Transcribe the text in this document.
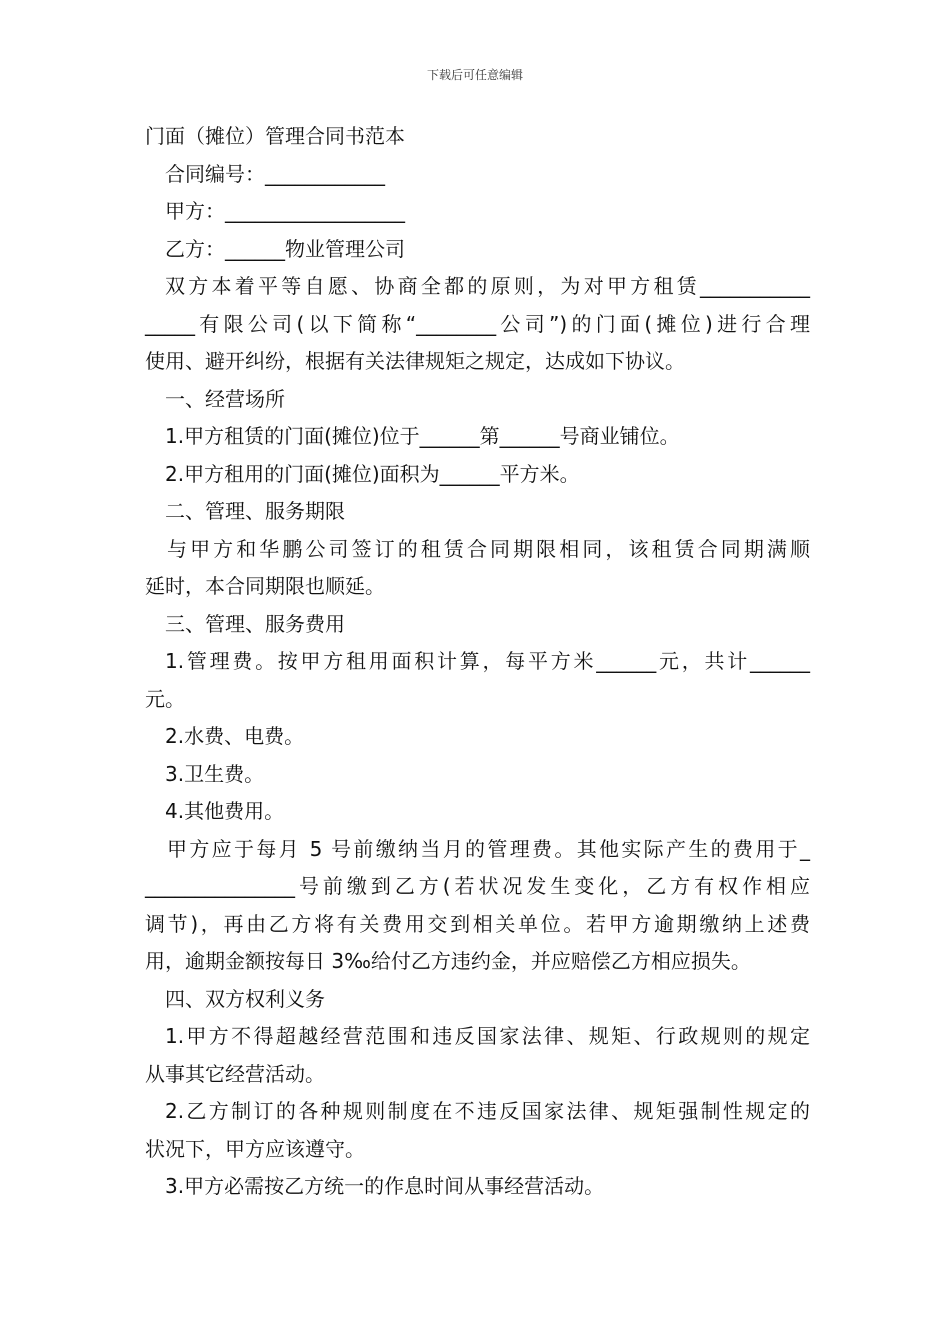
下载后可任意编辑
门面（摊位）管理合同书范本
合同编号：____________
甲方：__________________
乙方：______物业管理公司
双方本着平等自愿、协商全都的原则，为对甲方租赁___________
_____有限公司(以下简称“________公司”)的门面(摊位)进行合理
使用、避开纠纷，根据有关法律规矩之规定，达成如下协议。
一、经营场所
1.甲方租赁的门面(摊位)位于______第______号商业铺位。
2.甲方租用的门面(摊位)面积为______平方米。
二、管理、服务期限
与甲方和华鹏公司签订的租赁合同期限相同，该租赁合同期满顺
延时，本合同期限也顺延。
三、管理、服务费用
1.管理费。按甲方租用面积计算，每平方米______元，共计______
元。
2.水费、电费。
3.卫生费。
4.其他费用。
甲方应于每月 5 号前缴纳当月的管理费。其他实际产生的费用于_
_______________号前缴到乙方(若状况发生变化，乙方有权作相应
调节)，再由乙方将有关费用交到相关单位。若甲方逾期缴纳上述费
用，逾期金额按每日 3‰给付乙方违约金，并应赔偿乙方相应损失。
四、双方权利义务
1.甲方不得超越经营范围和违反国家法律、规矩、行政规则的规定
从事其它经营活动。
2.乙方制订的各种规则制度在不违反国家法律、规矩强制性规定的
状况下，甲方应该遵守。
3.甲方必需按乙方统一的作息时间从事经营活动。
